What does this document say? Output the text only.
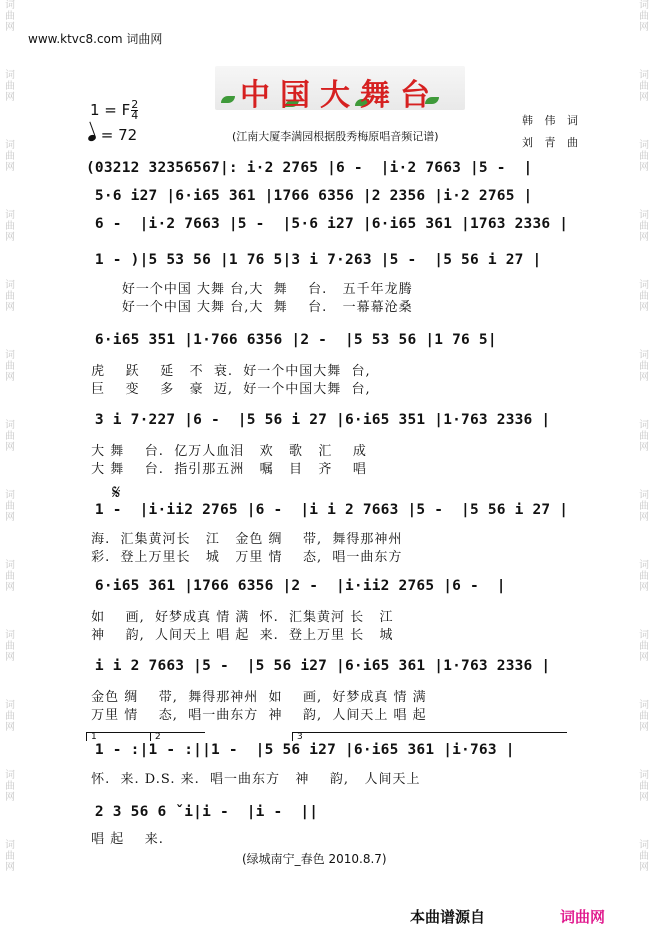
词曲网
词曲网
词曲网
词曲网
词曲网
词曲网
词曲网
词曲网
词曲网
词曲网
词曲网
词曲网
词曲网
词曲网
词曲网
词曲网
词曲网
词曲网
词曲网
词曲网
词曲网
词曲网
词曲网
词曲网
词曲网
词曲网
www.ktvc8.com 词曲网
中国大舞台
1 = F $\frac{2}{4}$
= 72	(江南大厦李满园根据殷秀梅原唱音频记谱)
韩 伟 词
刘 青 曲
(03212 32356567|: i·2 2765 |6 -  |i·2 7663 |5 -  |
5·6 i27 |6·i65 361 |1766 6356 |2 2356 |i·2 2765 |
6 -  |i·2 7663 |5 -  |5·6 i27 |6·i65 361 |1763 2336 |
1 - )|5 53 56 |1 76 5|3 i 7·263 |5 -  |5 56 i 27 |
好一个中国 大舞 台,大  舞    台.   五千年龙腾
好一个中国 大舞 台,大  舞    台.   一幕幕沧桑
6·i65 351 |1·766 6356 |2 -  |5 53 56 |1 76 5|
虎    跃    延   不  衰.  好一个中国大舞  台,
巨    变    多   豪  迈,  好一个中国大舞  台,
3 i 7·227 |6 -  |5 56 i 27 |6·i65 351 |1·763 2336 |
大 舞    台.  亿万人血泪   欢   歌   汇    成
大 舞    台.  指引那五洲   嘱   目   齐    唱
𝄋
1 -  |i·ii2 2765 |6 -  |i i 2 7663 |5 -  |5 56 i 27 |
海.  汇集黄河长   江   金色 绸    带,  舞得那神州
彩.  登上万里长   城   万里 情    态,  唱一曲东方
6·i65 361 |1766 6356 |2 -  |i·ii2 2765 |6 -  |
如    画,  好梦成真 情 满  怀.  汇集黄河 长   江
神    韵,  人间天上 唱 起  来.  登上万里 长   城
i i 2 7663 |5 -  |5 56 i27 |6·i65 361 |1·763 2336 |
金色 绸    带,  舞得那神州  如    画,  好梦成真 情 满
万里 情    态,  唱一曲东方  神    韵,  人间天上 唱 起
1	2	3
1 - :|1 - :||1 -  |5 56 i27 |6·i65 361 |i·763 |
怀.  来. D.S. 来.  唱一曲东方   神    韵,   人间天上
2 3 56 6 ˇi|i -  |i -  ||
唱 起    来.
(绿城南宁_春色 2010.8.7)
本曲谱源自	词曲网
